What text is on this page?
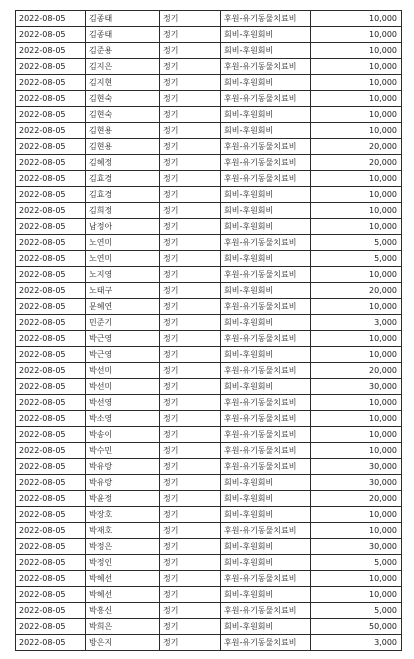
2022-08-05	김종태	정기	후원-유기동물치료비	10,000
2022-08-05	김종태	정기	회비-후원회비	10,000
2022-08-05	김준용	정기	회비-후원회비	10,000
2022-08-05	김지은	정기	후원-유기동물치료비	10,000
2022-08-05	김지현	정기	회비-후원회비	10,000
2022-08-05	김현숙	정기	후원-유기동물치료비	10,000
2022-08-05	김현숙	정기	회비-후원회비	10,000
2022-08-05	김현용	정기	회비-후원회비	10,000
2022-08-05	김현용	정기	후원-유기동물치료비	20,000
2022-08-05	김혜정	정기	후원-유기동물치료비	20,000
2022-08-05	김효경	정기	후원-유기동물치료비	10,000
2022-08-05	김효경	정기	회비-후원회비	10,000
2022-08-05	김희정	정기	회비-후원회비	10,000
2022-08-05	남정아	정기	회비-후원회비	10,000
2022-08-05	노연미	정기	후원-유기동물치료비	5,000
2022-08-05	노연미	정기	회비-후원회비	5,000
2022-08-05	노지영	정기	후원-유기동물치료비	10,000
2022-08-05	노태구	정기	회비-후원회비	20,000
2022-08-05	문혜연	정기	후원-유기동물치료비	10,000
2022-08-05	민준기	정기	회비-후원회비	3,000
2022-08-05	박근영	정기	후원-유기동물치료비	10,000
2022-08-05	박근영	정기	회비-후원회비	10,000
2022-08-05	박선미	정기	후원-유기동물치료비	20,000
2022-08-05	박선미	정기	회비-후원회비	30,000
2022-08-05	박선영	정기	후원-유기동물치료비	10,000
2022-08-05	박소영	정기	후원-유기동물치료비	10,000
2022-08-05	박송이	정기	후원-유기동물치료비	10,000
2022-08-05	박수민	정기	후원-유기동물치료비	10,000
2022-08-05	박유랑	정기	후원-유기동물치료비	30,000
2022-08-05	박유랑	정기	회비-후원회비	30,000
2022-08-05	박윤정	정기	회비-후원회비	20,000
2022-08-05	박장호	정기	회비-후원회비	10,000
2022-08-05	박재호	정기	후원-유기동물치료비	10,000
2022-08-05	박정은	정기	회비-후원회비	30,000
2022-08-05	박정인	정기	회비-후원회비	5,000
2022-08-05	박혜선	정기	후원-유기동물치료비	10,000
2022-08-05	박혜선	정기	회비-후원회비	10,000
2022-08-05	박흥신	정기	후원-유기동물치료비	5,000
2022-08-05	박희은	정기	회비-후원회비	50,000
2022-08-05	방은지	정기	후원-유기동물치료비	3,000
